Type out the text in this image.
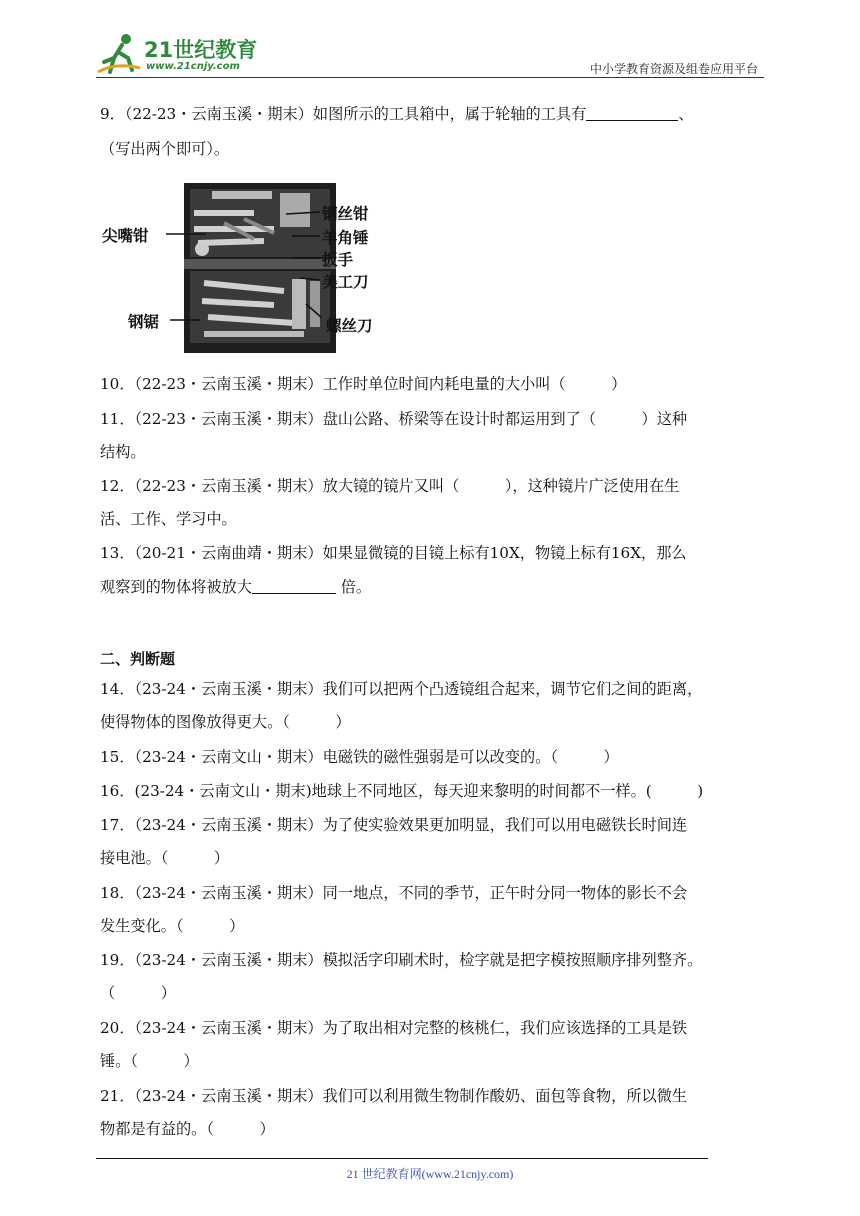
21世纪教育
www.21cnjy.com	中小学教育资源及组卷应用平台
9．（22-23・云南玉溪・期末）如图所示的工具箱中，属于轮轴的工具有	、
（写出两个即可）。
尖嘴钳
钢锯
钢丝钳
羊角锤
扳手
美工刀
螺丝刀
10．（22-23・云南玉溪・期末）工作时单位时间内耗电量的大小叫（　　　）
11．（22-23・云南玉溪・期末）盘山公路、桥梁等在设计时都运用到了（　　　）这种
结构。
12．（22-23・云南玉溪・期末）放大镜的镜片又叫（　　　），这种镜片广泛使用在生
活、工作、学习中。
13．（20-21・云南曲靖・期末）如果显微镜的目镜上标有10X，物镜上标有16X，那么
观察到的物体将被放大	倍。
二、判断题
14．（23-24・云南玉溪・期末）我们可以把两个凸透镜组合起来，调节它们之间的距离，
使得物体的图像放得更大。（　　　）
15．（23-24・云南文山・期末）电磁铁的磁性强弱是可以改变的。（　　　）
16．(23-24・云南文山・期末)地球上不同地区，每天迎来黎明的时间都不一样。(　　　)
17．（23-24・云南玉溪・期末）为了使实验效果更加明显，我们可以用电磁铁长时间连
接电池。（　　　）
18．（23-24・云南玉溪・期末）同一地点，不同的季节，正午时分同一物体的影长不会
发生变化。（　　　）
19．（23-24・云南玉溪・期末）模拟活字印刷术时，检字就是把字模按照顺序排列整齐。
（　　　）
20．（23-24・云南玉溪・期末）为了取出相对完整的核桃仁，我们应该选择的工具是铁
锤。（　　　）
21．（23-24・云南玉溪・期末）我们可以利用微生物制作酸奶、面包等食物，所以微生
物都是有益的。（　　　）
21 世纪教育网(www.21cnjy.com)
